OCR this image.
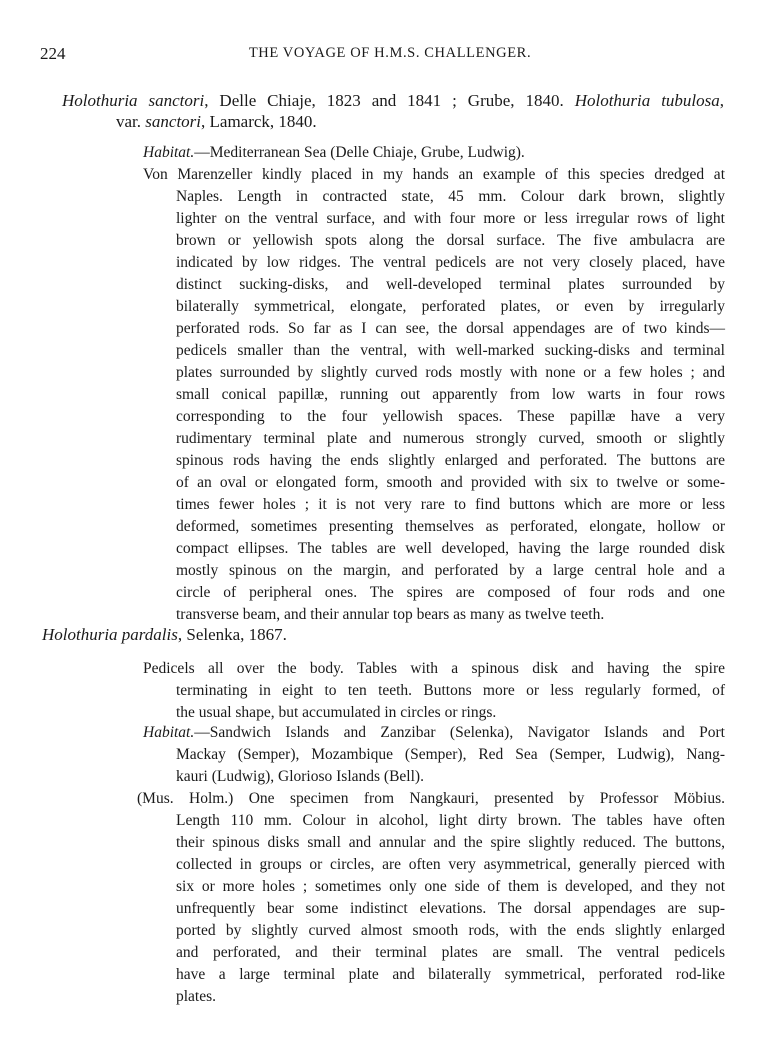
224	THE VOYAGE OF H.M.S. CHALLENGER.
Holothuria sanctori, Delle Chiaje, 1823 and 1841 ; Grube, 1840. Holothuria tubulosa,
var. sanctori, Lamarck, 1840.
Habitat.—Mediterranean Sea (Delle Chiaje, Grube, Ludwig).
Von Marenzeller kindly placed in my hands an example of this species dredged at
Naples. Length in contracted state, 45 mm. Colour dark brown, slightly
lighter on the ventral surface, and with four more or less irregular rows of light
brown or yellowish spots along the dorsal surface. The five ambulacra are
indicated by low ridges. The ventral pedicels are not very closely placed, have
distinct sucking-disks, and well-developed terminal plates surrounded by
bilaterally symmetrical, elongate, perforated plates, or even by irregularly
perforated rods. So far as I can see, the dorsal appendages are of two kinds—
pedicels smaller than the ventral, with well-marked sucking-disks and terminal
plates surrounded by slightly curved rods mostly with none or a few holes ; and
small conical papillæ, running out apparently from low warts in four rows
corresponding to the four yellowish spaces. These papillæ have a very
rudimentary terminal plate and numerous strongly curved, smooth or slightly
spinous rods having the ends slightly enlarged and perforated. The buttons are
of an oval or elongated form, smooth and provided with six to twelve or some-
times fewer holes ; it is not very rare to find buttons which are more or less
deformed, sometimes presenting themselves as perforated, elongate, hollow or
compact ellipses. The tables are well developed, having the large rounded disk
mostly spinous on the margin, and perforated by a large central hole and a
circle of peripheral ones. The spires are composed of four rods and one
transverse beam, and their annular top bears as many as twelve teeth.
Holothuria pardalis, Selenka, 1867.
Pedicels all over the body. Tables with a spinous disk and having the spire
terminating in eight to ten teeth. Buttons more or less regularly formed, of
the usual shape, but accumulated in circles or rings.
Habitat.—Sandwich Islands and Zanzibar (Selenka), Navigator Islands and Port
Mackay (Semper), Mozambique (Semper), Red Sea (Semper, Ludwig), Nang-
kauri (Ludwig), Glorioso Islands (Bell).
(Mus. Holm.) One specimen from Nangkauri, presented by Professor Möbius.
Length 110 mm. Colour in alcohol, light dirty brown. The tables have often
their spinous disks small and annular and the spire slightly reduced. The buttons,
collected in groups or circles, are often very asymmetrical, generally pierced with
six or more holes ; sometimes only one side of them is developed, and they not
unfrequently bear some indistinct elevations. The dorsal appendages are sup-
ported by slightly curved almost smooth rods, with the ends slightly enlarged
and perforated, and their terminal plates are small. The ventral pedicels
have a large terminal plate and bilaterally symmetrical, perforated rod-like
plates.
